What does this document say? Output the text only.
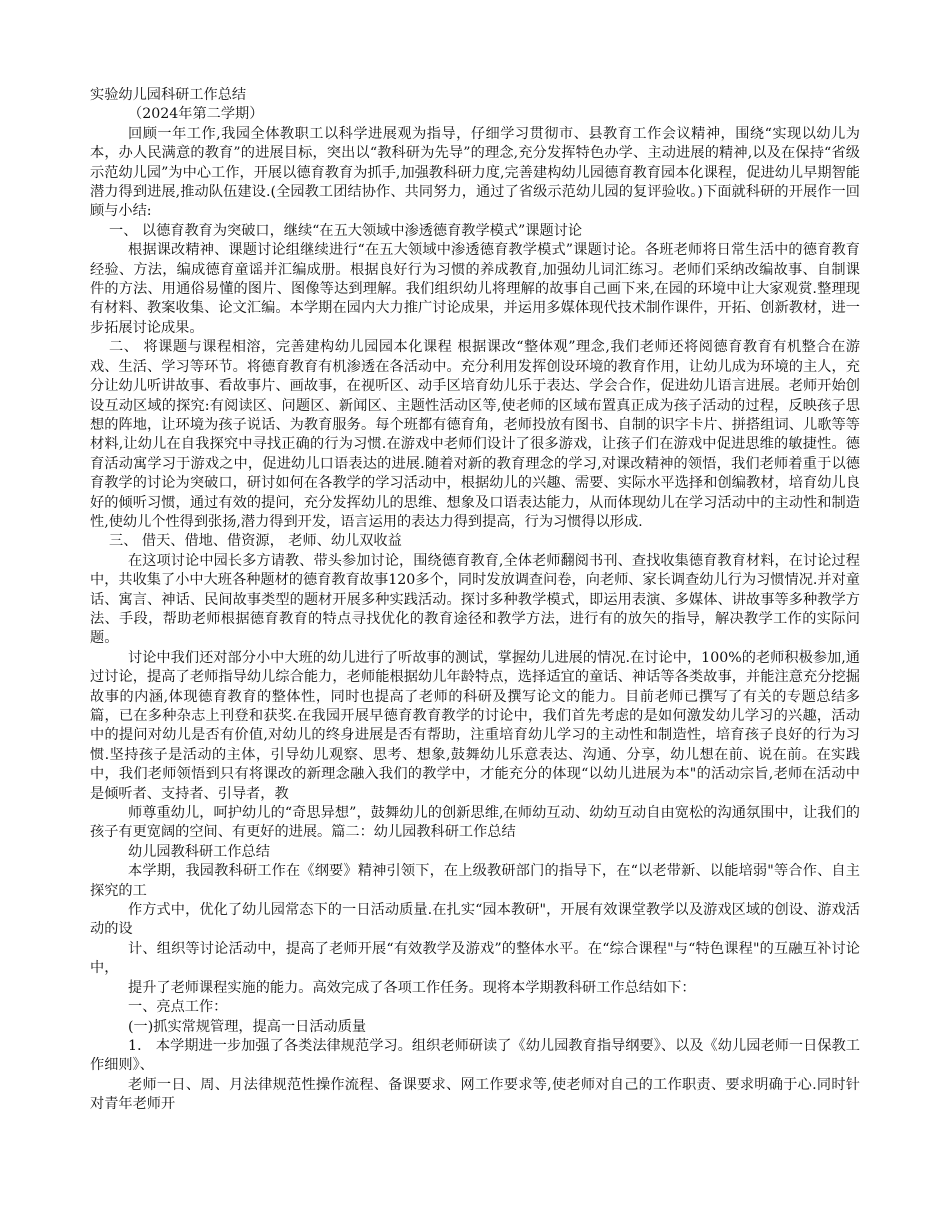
实验幼儿园科研工作总结

（2024年第二学期）

回顾一年工作,我园全体教职工以科学进展观为指导，仔细学习贯彻市、县教育工作会议精神，围绕“实现以幼儿为本，办人民满意的教育”的进展目标，突出以“教科研为先导”的理念,充分发挥特色办学、主动进展的精神,以及在保持“省级示范幼儿园”为中心工作，开展以德育教育为抓手,加强教科研力度,完善建构幼儿园德育教育园本化课程，促进幼儿早期智能潜力得到进展,推动队伍建设.(全园教工团结协作、共同努力，通过了省级示范幼儿园的复评验收。)下面就科研的开展作一回顾与小结:

一、 以德育教育为突破口，继续“在五大领域中渗透德育教学模式”课题讨论

根据课改精神、课题讨论组继续进行“在五大领域中渗透德育教学模式”课题讨论。各班老师将日常生活中的德育教育经验、方法，编成德育童谣并汇编成册。根据良好行为习惯的养成教育,加强幼儿词汇练习。老师们采纳改编故事、自制课件的方法、用通俗易懂的图片、图像等达到理解。我们组织幼儿将理解的故事自己画下来,在园的环境中让大家观赏.整理现有材料、教案收集、论文汇编。本学期在园内大力推广讨论成果，并运用多媒体现代技术制作课件，开拓、创新教材，进一步拓展讨论成果。

二、 将课题与课程相溶，完善建构幼儿园园本化课程 根据课改“整体观”理念,我们老师还将阅德育教育有机整合在游戏、生活、学习等环节。将德育教育有机渗透在各活动中。充分利用发挥创设环境的教育作用，让幼儿成为环境的主人，充分让幼儿听讲故事、看故事片、画故事，在视听区、动手区培育幼儿乐于表达、学会合作，促进幼儿语言进展。老师开始创设互动区域的探究:有阅读区、问题区、新闻区、主题性活动区等,使老师的区域布置真正成为孩子活动的过程，反映孩子思想的阵地，让环境为孩子说话、为教育服务。每个班都有德育角，老师投放有图书、自制的识字卡片、拼搭组词、儿歌等等材料,让幼儿在自我探究中寻找正确的行为习惯.在游戏中老师们设计了很多游戏，让孩子们在游戏中促进思维的敏捷性。德育活动寓学习于游戏之中，促进幼儿口语表达的进展.随着对新的教育理念的学习,对课改精神的领悟，我们老师着重于以德育教学的讨论为突破口，研讨如何在各教学的学习活动中，根据幼儿的兴趣、需要、实际水平选择和创编教材，培育幼儿良好的倾听习惯，通过有效的提问，充分发挥幼儿的思维、想象及口语表达能力，从而体现幼儿在学习活动中的主动性和制造性,使幼儿个性得到张扬,潜力得到开发，语言运用的表达力得到提高，行为习惯得以形成.

三、 借天、借地、借资源， 老师、幼儿双收益

在这项讨论中园长多方请教、带头参加讨论，围绕德育教育,全体老师翻阅书刊、查找收集德育教育材料，在讨论过程中，共收集了小中大班各种题材的德育教育故事120多个，同时发放调查问卷，向老师、家长调查幼儿行为习惯情况.并对童话、寓言、神话、民间故事类型的题材开展多种实践活动。探讨多种教学模式，即运用表演、多媒体、讲故事等多种教学方法、手段，帮助老师根据德育教育的特点寻找优化的教育途径和教学方法，进行有的放矢的指导，解决教学工作的实际问题。

讨论中我们还对部分小中大班的幼儿进行了听故事的测试，掌握幼儿进展的情况.在讨论中，100%的老师积极参加,通过讨论，提高了老师指导幼儿综合能力，老师能根据幼儿年龄特点，选择适宜的童话、神话等各类故事，并能注意充分挖掘故事的内涵,体现德育教育的整体性，同时也提高了老师的科研及撰写论文的能力。目前老师已撰写了有关的专题总结多篇，已在多种杂志上刊登和获奖.在我园开展早德育教育教学的讨论中，我们首先考虑的是如何激发幼儿学习的兴趣，活动中的提问对幼儿是否有价值,对幼儿的终身进展是否有帮助，注重培育幼儿学习的主动性和制造性，培育孩子良好的行为习惯.坚持孩子是活动的主体，引导幼儿观察、思考、想象,鼓舞幼儿乐意表达、沟通、分享，幼儿想在前、说在前。在实践中，我们老师领悟到只有将课改的新理念融入我们的教学中，才能充分的体现“以幼儿进展为本"的活动宗旨,老师在活动中是倾听者、支持者、引导者，教

师尊重幼儿，呵护幼儿的“奇思异想”，鼓舞幼儿的创新思维,在师幼互动、幼幼互动自由宽松的沟通氛围中，让我们的孩子有更宽阔的空间、有更好的进展。篇二：幼儿园教科研工作总结

幼儿园教科研工作总结

本学期，我园教科研工作在《纲要》精神引领下，在上级教研部门的指导下，在“以老带新、以能培弱"等合作、自主探究的工

作方式中，优化了幼儿园常态下的一日活动质量.在扎实“园本教研"，开展有效课堂教学以及游戏区域的创设、游戏活动的设

计、组织等讨论活动中，提高了老师开展“有效教学及游戏”的整体水平。在“综合课程"与“特色课程"的互融互补讨论中，

提升了老师课程实施的能力。高效完成了各项工作任务。现将本学期教科研工作总结如下：

一、亮点工作：

(一)抓实常规管理，提高一日活动质量

1． 本学期进一步加强了各类法律规范学习。组织老师研读了《幼儿园教育指导纲要》、以及《幼儿园老师一日保教工作细则》、

老师一日、周、月法律规范性操作流程、备课要求、网工作要求等,使老师对自己的工作职责、要求明确于心.同时针对青年老师开
